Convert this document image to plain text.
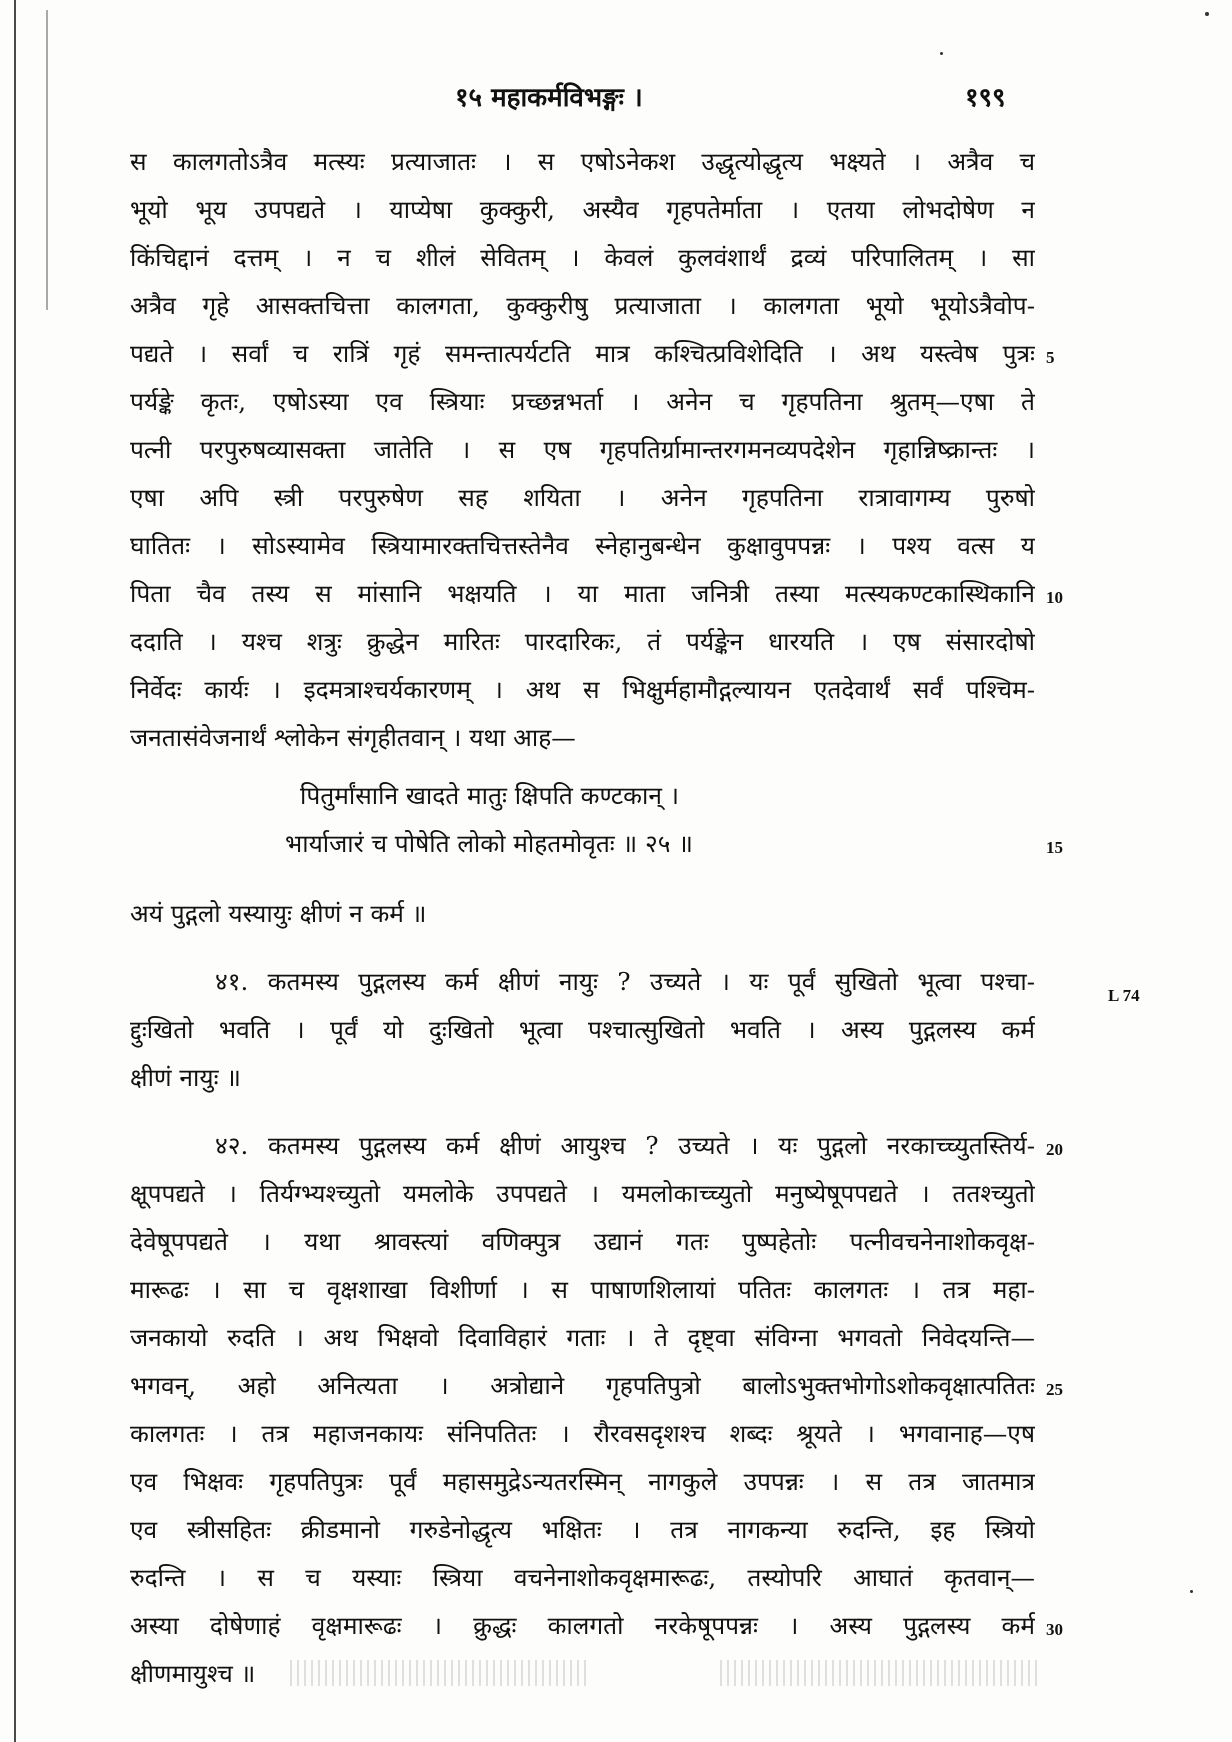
१५ महाकर्मविभङ्गः ।	१९९
स कालगतोऽत्रैव मत्स्यः प्रत्याजातः । स एषोऽनेकश उद्धृत्योद्धृत्य भक्ष्यते । अत्रैव च
भूयो भूय उपपद्यते । याप्येषा कुक्कुरी, अस्यैव गृहपतेर्माता । एतया लोभदोषेण न
किंचिद्दानं दत्तम् । न च शीलं सेवितम् । केवलं कुलवंशार्थं द्रव्यं परिपालितम् । सा
अत्रैव गृहे आसक्तचित्ता कालगता, कुक्कुरीषु प्रत्याजाता । कालगता भूयो भूयोऽत्रैवोप-
पद्यते । सर्वां च रात्रिं गृहं समन्तात्पर्यटति मात्र कश्चित्प्रविशेदिति । अथ यस्त्वेष पुत्रः
पर्यङ्के कृतः, एषोऽस्या एव स्त्रियाः प्रच्छन्नभर्ता । अनेन च गृहपतिना श्रुतम्—एषा ते
पत्नी परपुरुषव्यासक्ता जातेति । स एष गृहपतिर्ग्रामान्तरगमनव्यपदेशेन गृहान्निष्क्रान्तः ।
एषा अपि स्त्री परपुरुषेण सह शयिता । अनेन गृहपतिना रात्रावागम्य पुरुषो
घातितः । सोऽस्यामेव स्त्रियामारक्तचित्तस्तेनैव स्नेहानुबन्धेन कुक्षावुपपन्नः । पश्य वत्स य
पिता चैव तस्य स मांसानि भक्षयति । या माता जनित्री तस्या मत्स्यकण्टकास्थिकानि
ददाति । यश्च शत्रुः क्रुद्धेन मारितः पारदारिकः, तं पर्यङ्केन धारयति । एष संसारदोषो
निर्वेदः कार्यः । इदमत्राश्चर्यकारणम् । अथ स भिक्षुर्महामौद्गल्यायन एतदेवार्थं सर्वं पश्चिम-
जनतासंवेजनार्थं श्लोकेन संगृहीतवान् । यथा आह—
पितुर्मांसानि खादते मातुः क्षिपति कण्टकान् ।
भार्याजारं च पोषेति लोको मोहतमोवृतः ॥ २५ ॥
अयं पुद्गलो यस्यायुः क्षीणं न कर्म ॥
४१. कतमस्य पुद्गलस्य कर्म क्षीणं नायुः ? उच्यते । यः पूर्वं सुखितो भूत्वा पश्चा-
द्दुःखितो भवति । पूर्वं यो दुःखितो भूत्वा पश्चात्सुखितो भवति । अस्य पुद्गलस्य कर्म
क्षीणं नायुः ॥
४२. कतमस्य पुद्गलस्य कर्म क्षीणं आयुश्च ? उच्यते । यः पुद्गलो नरकाच्च्युतस्तिर्य-
क्षूपपद्यते । तिर्यग्भ्यश्च्युतो यमलोके उपपद्यते । यमलोकाच्च्युतो मनुष्येषूपपद्यते । ततश्च्युतो
देवेषूपपद्यते । यथा श्रावस्त्यां वणिक्पुत्र उद्यानं गतः पुष्पहेतोः पत्नीवचनेनाशोकवृक्ष-
मारूढः । सा च वृक्षशाखा विशीर्णा । स पाषाणशिलायां पतितः कालगतः । तत्र महा-
जनकायो रुदति । अथ भिक्षवो दिवाविहारं गताः । ते दृष्ट्वा संविग्ना भगवतो निवेदयन्ति—
भगवन्, अहो अनित्यता । अत्रोद्याने गृहपतिपुत्रो बालोऽभुक्तभोगोऽशोकवृक्षात्पतितः
कालगतः । तत्र महाजनकायः संनिपतितः । रौरवसदृशश्च शब्दः श्रूयते । भगवानाह—एष
एव भिक्षवः गृहपतिपुत्रः पूर्वं महासमुद्रेऽन्यतरस्मिन् नागकुले उपपन्नः । स तत्र जातमात्र
एव स्त्रीसहितः क्रीडमानो गरुडेनोद्धृत्य भक्षितः । तत्र नागकन्या रुदन्ति, इह स्त्रियो
रुदन्ति । स च यस्याः स्त्रिया वचनेनाशोकवृक्षमारूढः, तस्योपरि आघातं कृतवान्—
अस्या दोषेणाहं वृक्षमारूढः । क्रुद्धः कालगतो नरकेषूपपन्नः । अस्य पुद्गलस्य कर्म
क्षीणमायुश्च ॥
5
10
15
20
25
30
L 74
